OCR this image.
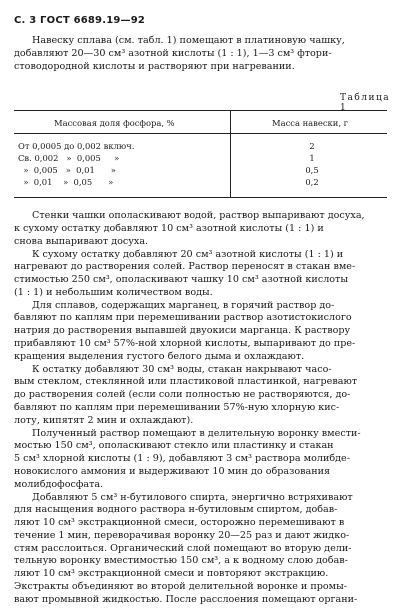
С. 3 ГОСТ 6689.19—92

Навеску сплава (см. табл. 1) помещают в платиновую чашку,
добавляют 20—30 см³ азотной кислоты (1 : 1), 1—3 см³ фтори-
стоводородной кислоты и растворяют при нагревании.

Таблица 1
Массовая доля фосфора, %	Масса навески, г
От 0,0005 до 0,002 включ.	2
Св. 0,002   »  0,005     »	1
»  0,005   »  0,01      »	0,5
»  0,01    »  0,05      »	0,2

Стенки чашки ополаскивают водой, раствор выпаривают досуха,
к сухому остатку добавляют 10 см³ азотной кислоты (1 : 1) и
снова выпаривают досуха.

К сухому остатку добавляют 20 см³ азотной кислоты (1 : 1) и
нагревают до растворения солей. Раствор переносят в стакан вме-
стимостью 250 см³, ополаскивают чашку 10 см³ азотной кислоты
(1 : 1) и небольшим количеством воды.

Для сплавов, содержащих марганец, в горячий раствор до-
бавляют по каплям при перемешивании раствор азотистокислого
натрия до растворения выпавшей двуокиси марганца. К раствору
прибавляют 10 см³ 57%-ной хлорной кислоты, выпаривают до пре-
кращения выделения густого белого дыма и охлаждают.

К остатку добавляют 30 см³ воды, стакан накрывают часо-
вым стеклом, стеклянной или пластиковой пластинкой, нагревают
до растворения солей (если соли полностью не растворяются, до-
бавляют по каплям при перемешивании 57%-ную хлорную кис-
лоту, кипятят 2 мин и охлаждают).

Полученный раствор помещают в делительную воронку вмести-
мостью 150 см³, ополаскивают стекло или пластинку и стакан
5 см³ хлорной кислоты (1 : 9), добавляют 3 см³ раствора молибде-
новокислого аммония и выдерживают 10 мин до образования
молибдофосфата.

Добавляют 5 см³ н-бутилового спирта, энергично встряхивают
для насыщения водного раствора н-бутиловым спиртом, добав-
ляют 10 см³ экстракционной смеси, осторожно перемешивают в
течение 1 мин, переворачивая воронку 20—25 раз и дают жидко-
стям расслоиться. Органический слой помещают во вторую дели-
тельную воронку вместимостью 150 см³, а к водному слою добав-
ляют 10 см³ экстракционной смеси и повторяют экстракцию.
Экстракты объединяют во второй делительной воронке и промы-
вают промывной жидкостью. После расслоения помещают органи-
